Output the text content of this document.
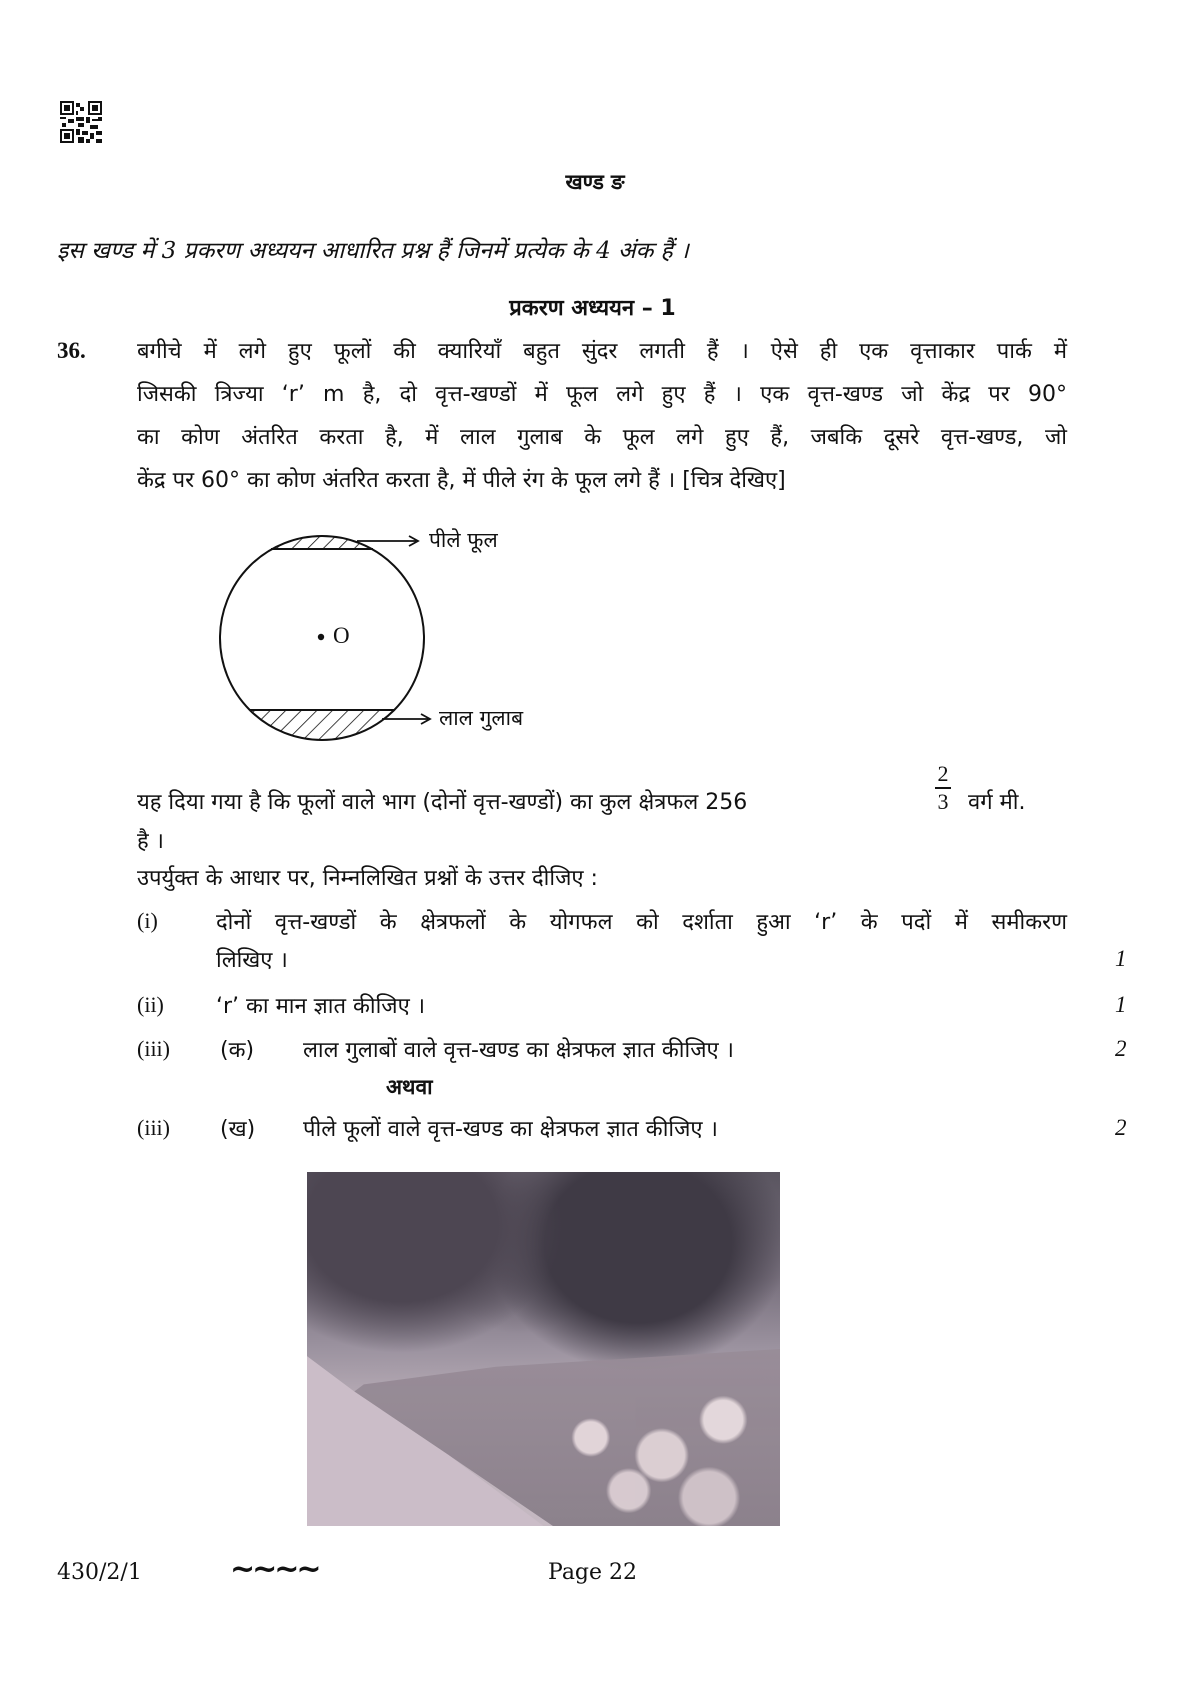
खण्ड ङ
इस खण्ड में 3 प्रकरण अध्ययन आधारित प्रश्न हैं जिनमें प्रत्येक के 4 अंक हैं ।
प्रकरण अध्ययन – 1
36. बगीचे में लगे हुए फूलों की क्यारियाँ बहुत सुंदर लगती हैं । ऐसे ही एक वृत्ताकार पार्क में
जिसकी त्रिज्या ‘r’ m है, दो वृत्त-खण्डों में फूल लगे हुए हैं । एक वृत्त-खण्ड जो केंद्र पर 90°
का कोण अंतरित करता है, में लाल गुलाब के फूल लगे हुए हैं, जबकि दूसरे वृत्त-खण्ड, जो
केंद्र पर 60° का कोण अंतरित करता है, में पीले रंग के फूल लगे हैं । [चित्र देखिए]
O
पीले फूल
लाल गुलाब
यह दिया गया है कि फूलों वाले भाग (दोनों वृत्त-खण्डों) का कुल क्षेत्रफल 256
2
3 वर्ग मी.
है ।
उपर्युक्त के आधार पर, निम्नलिखित प्रश्नों के उत्तर दीजिए :
(i)	दोनों वृत्त-खण्डों के क्षेत्रफलों के योगफल को दर्शाता हुआ ‘r’ के पदों में समीकरण
लिखिए ।	1
(ii) ‘r’ का मान ज्ञात कीजिए ।	1
(iii) (क) लाल गुलाबों वाले वृत्त-खण्ड का क्षेत्रफल ज्ञात कीजिए ।	2
अथवा
(iii) (ख) पीले फूलों वाले वृत्त-खण्ड का क्षेत्रफल ज्ञात कीजिए ।	2
430/2/1	~~~~	Page 22
